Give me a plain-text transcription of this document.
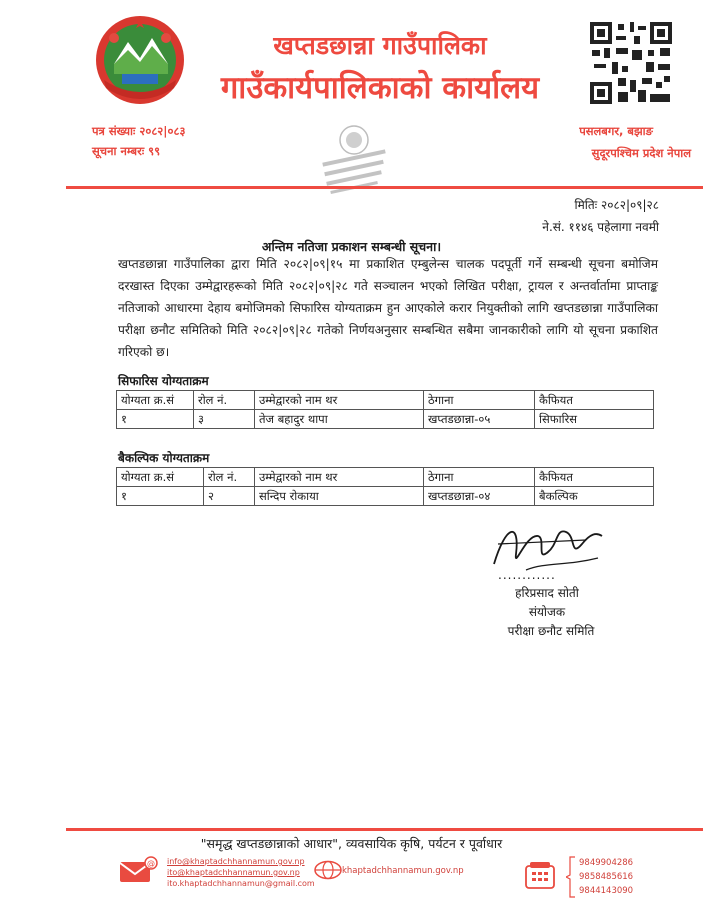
खप्तडछान्ना गाउँपालिका
गाउँकार्यपालिकाको कार्यालय
पत्र संख्याः २०८२|०८३
सूचना नम्बरः ९९
पसलबगर, बझाङ
सुदूरपश्चिम प्रदेश नेपाल
मितिः २०८२|०९|२८
ने.सं. ११४६ पहेलागा नवमी
अन्तिम नतिजा प्रकाशन सम्बन्धी सूचना।
खप्तडछान्ना गाउँपालिका द्वारा मिति २०८२|०९|१५ मा प्रकाशित एम्बुलेन्स चालक पदपूर्ती गर्ने सम्बन्धी सूचना बमोजिम दरखास्त दिएका उम्मेद्वारहरूको मिति २०८२|०९|२८ गते सञ्चालन भएको लिखित परीक्षा, ट्रायल र अन्तर्वार्तामा प्राप्ताङ्क नतिजाको आधारमा देहाय बमोजिमको सिफारिस योग्यताक्रम हुन आएकोले करार नियुक्तीको लागि खप्तडछान्ना गाउँपालिका परीक्षा छनौट समितिको मिति २०८२|०९|२८ गतेको निर्णयअनुसार सम्बन्धित सबैमा जानकारीको लागि यो सूचना प्रकाशित गरिएको छ।
सिफारिस योग्यताक्रम
योग्यता क्र.सं	रोल नं.	उम्मेद्वारको नाम थर	ठेगाना	कैफियत
१	३	तेज बहादुर थापा	खप्तडछान्ना-०५	सिफारिस
बैकल्पिक योग्यताक्रम
योग्यता क्र.सं	रोल नं.	उम्मेद्वारको नाम थर	ठेगाना	कैफियत
१	२	सन्दिप रोकाया	खप्तडछान्ना-०४	बैकल्पिक
............
हरिप्रसाद सोती
संयोजक
परीक्षा छनौट समिति
"समृद्ध खप्तडछान्नाको आधार", व्यवसायिक कृषि, पर्यटन र पूर्वाधार
@ info@khaptadchhannamun.gov.np
ito@khaptadchhannamun.gov.np
ito.khaptadchhannamun@gmail.com
khaptadchhannamun.gov.np
9849904286
9858485616
9844143090
